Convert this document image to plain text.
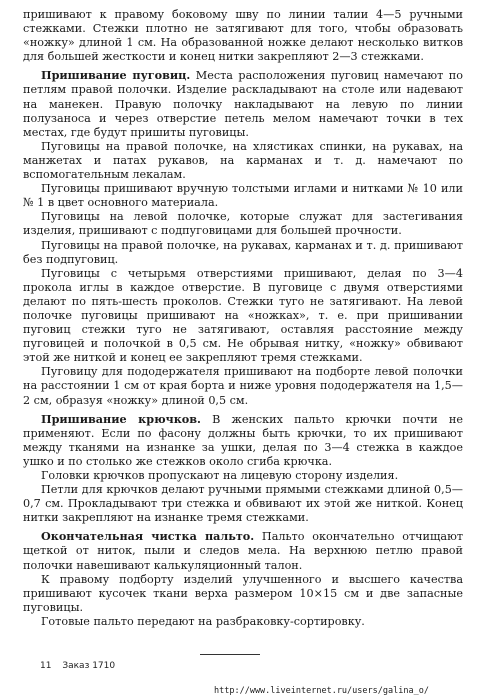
пришивают к правому боковому шву по линии талии 4—5 ручными стежками. Стежки плотно не затягивают для того, чтобы образовать «ножку» длиной 1 см. На образованной ножке делают несколько витков для большей жесткости и конец нитки закрепляют 2—3 стежками.

Пришивание пуговиц. Места расположения пуговиц намечают по петлям правой полочки. Изделие раскладывают на столе или надевают на манекен. Правую полочку накладывают на левую по линии полузаноса и через отверстие петель мелом намечают точки в тех местах, где будут пришиты пуговицы.

Пуговицы на правой полочке, на хлястиках спинки, на рукавах, на манжетах и патах рукавов, на карманах и т. д. намечают по вспомогательным лекалам.

Пуговицы пришивают вручную толстыми иглами и нитками № 10 или № 1 в цвет основного материала.

Пуговицы на левой полочке, которые служат для застегивания изделия, пришивают с подпуговицами для большей прочности.

Пуговицы на правой полочке, на рукавах, карманах и т. д. пришивают без подпуговиц.

Пуговицы с четырьмя отверстиями пришивают, делая по 3—4 прокола иглы в каждое отверстие. В пуговице с двумя отверстиями делают по пять-шесть проколов. Стежки туго не затягивают. На левой полочке пуговицы пришивают на «ножках», т. е. при пришивании пуговиц стежки туго не затягивают, оставляя расстояние между пуговицей и полочкой в 0,5 см. Не обрывая нитку, «ножку» обвивают этой же ниткой и конец ее закрепляют тремя стежками.

Пуговицу для пододержателя пришивают на подборте левой полочки на расстоянии 1 см от края борта и ниже уровня пододержателя на 1,5—2 см, образуя «ножку» длиной 0,5 см.

Пришивание крючков. В женских пальто крючки почти не применяют. Если по фасону должны быть крючки, то их пришивают между тканями на изнанке за ушки, делая по 3—4 стежка в каждое ушко и по столько же стежков около сгиба крючка.

Головки крючков пропускают на лицевую сторону изделия.

Петли для крючков делают ручными прямыми стежками длиной 0,5—0,7 см. Прокладывают три стежка и обвивают их этой же ниткой. Конец нитки закрепляют на изнанке тремя стежками.

Окончательная чистка пальто. Пальто окончательно отчищают щеткой от ниток, пыли и следов мела. На верхнюю петлю правой полочки навешивают калькуляционный талон.

К правому подборту изделий улучшенного и высшего качества пришивают кусочек ткани верха размером 10×15 см и две запасные пуговицы.

Готовые пальто передают на разбраковку-сортировку.

11 Заказ 1710
http://www.liveinternet.ru/users/galina_o/
